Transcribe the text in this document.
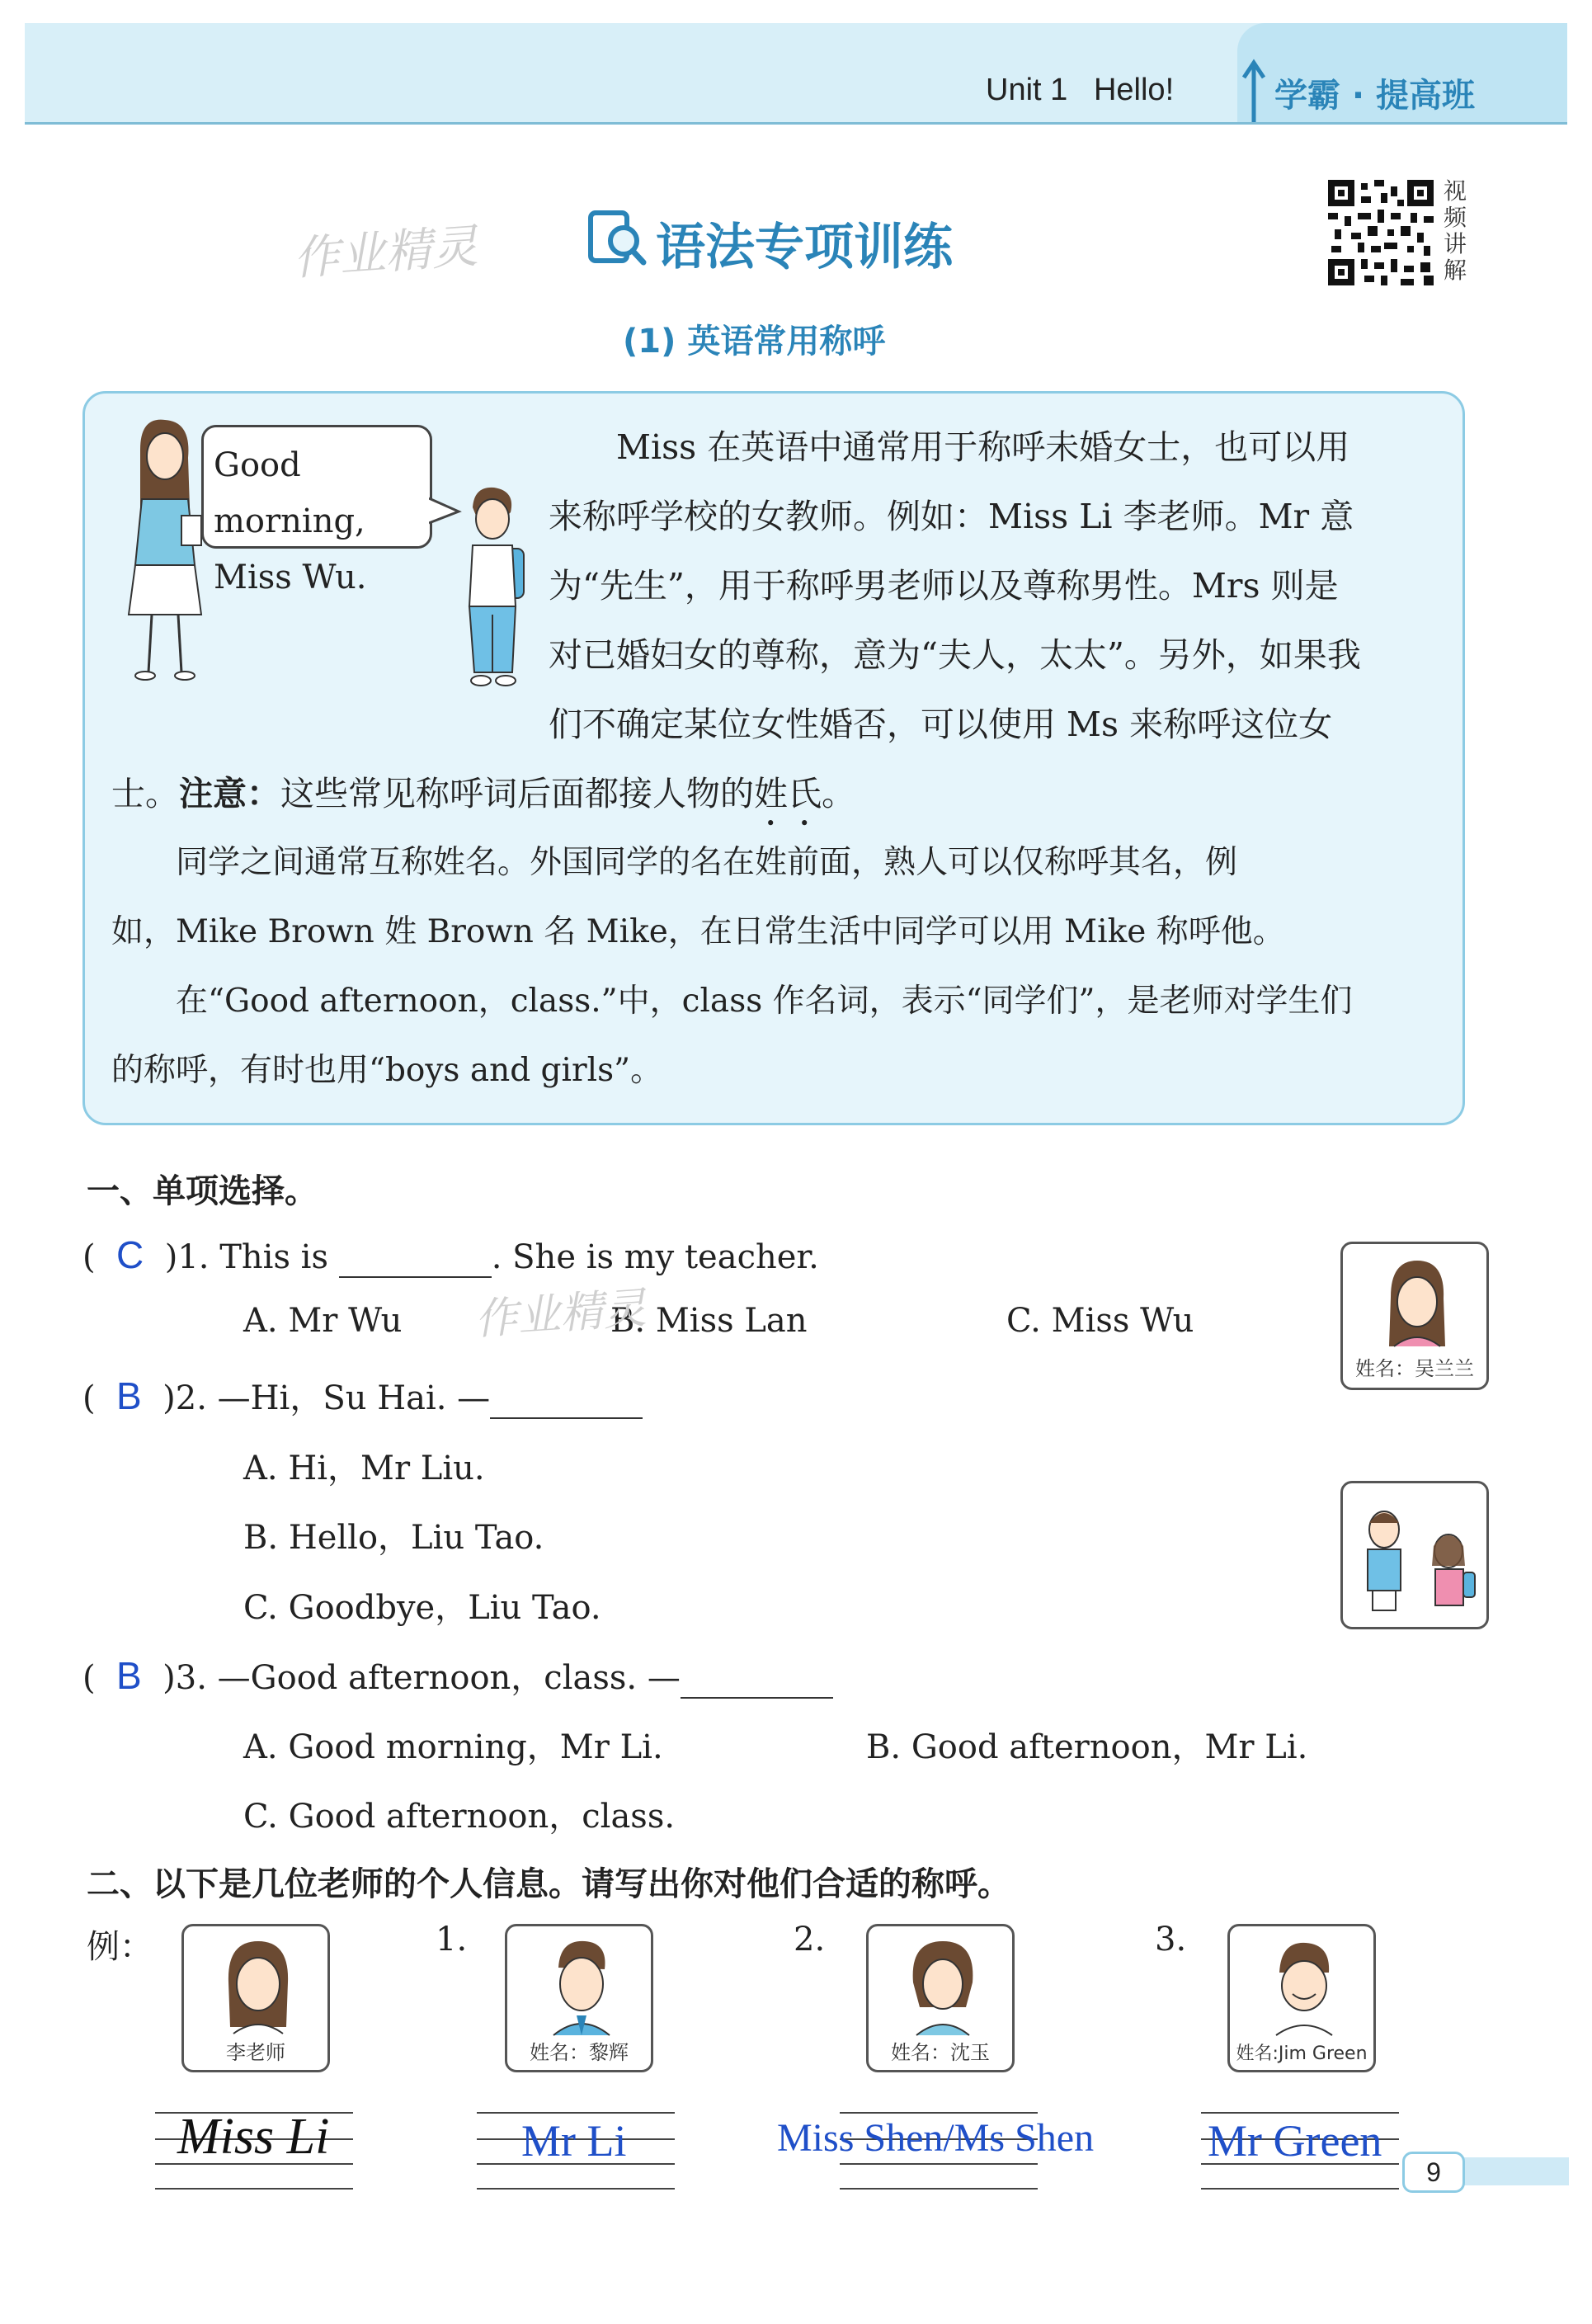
Unit 1 Hello!	学霸 · 提高班
作业精灵	语法专项训练
(1) 英语常用称呼
视频讲解
Good morning,
Miss Wu.
Miss 在英语中通常用于称呼未婚女士，也可以用
来称呼学校的女教师。例如：Miss Li 李老师。Mr 意
为“先生”，用于称呼男老师以及尊称男性。Mrs 则是
对已婚妇女的尊称，意为“夫人，太太”。另外，如果我
们不确定某位女性婚否，可以使用 Ms 来称呼这位女
士。注意：这些常见称呼词后面都接人物的姓氏。
同学之间通常互称姓名。外国同学的名在姓前面，熟人可以仅称呼其名，例
如，Mike Brown 姓 Brown 名 Mike，在日常生活中同学可以用 Mike 称呼他。
在“Good afternoon，class.”中，class 作名词，表示“同学们”，是老师对学生们
的称呼，有时也用“boys and girls”。
一、单项选择。
(  C )1. This is	. She is my teacher.
A. Mr Wu	B. Miss Lan	C. Miss Wu
作业精灵
姓名：吴兰兰
(  B )2. —Hi，Su Hai. —
A. Hi，Mr Liu.
B. Hello，Liu Tao.
C. Goodbye，Liu Tao.
(  B )3. —Good afternoon，class. —
A. Good morning，Mr Li.	B. Good afternoon，Mr Li.
C. Good afternoon，class.
二、以下是几位老师的个人信息。请写出你对他们合适的称呼。
例：
李老师
Miss Li
1.
姓名：黎辉
Mr Li
2.
姓名：沈玉
Miss Shen/Ms Shen
3.
姓名:Jim Green
Mr Green
9
